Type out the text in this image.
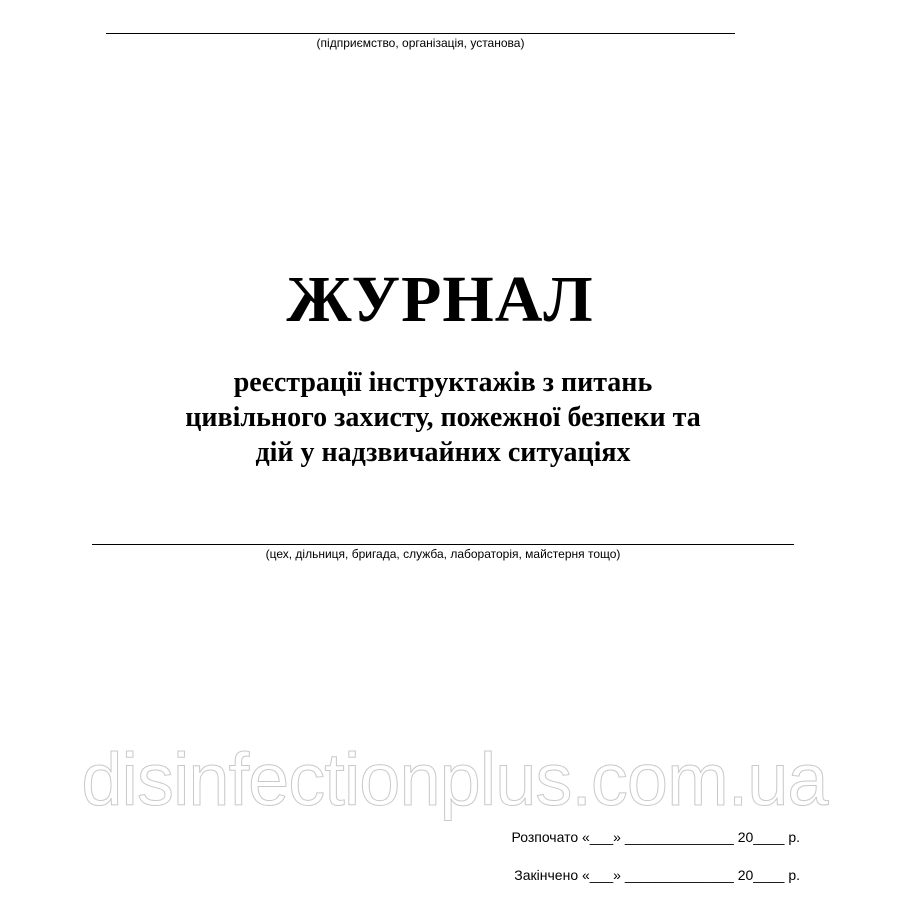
(підприємство, організація, установа)
ЖУРНАЛ
реєстрації інструктажів з питань
цивільного захисту, пожежної безпеки та
дій у надзвичайних ситуаціях
(цех, дільниця, бригада, служба, лабораторія, майстерня тощо)
disinfectionplus.com.ua
Розпочато «___» ______________ 20____ р.
Закінчено «___» ______________ 20____ р.
